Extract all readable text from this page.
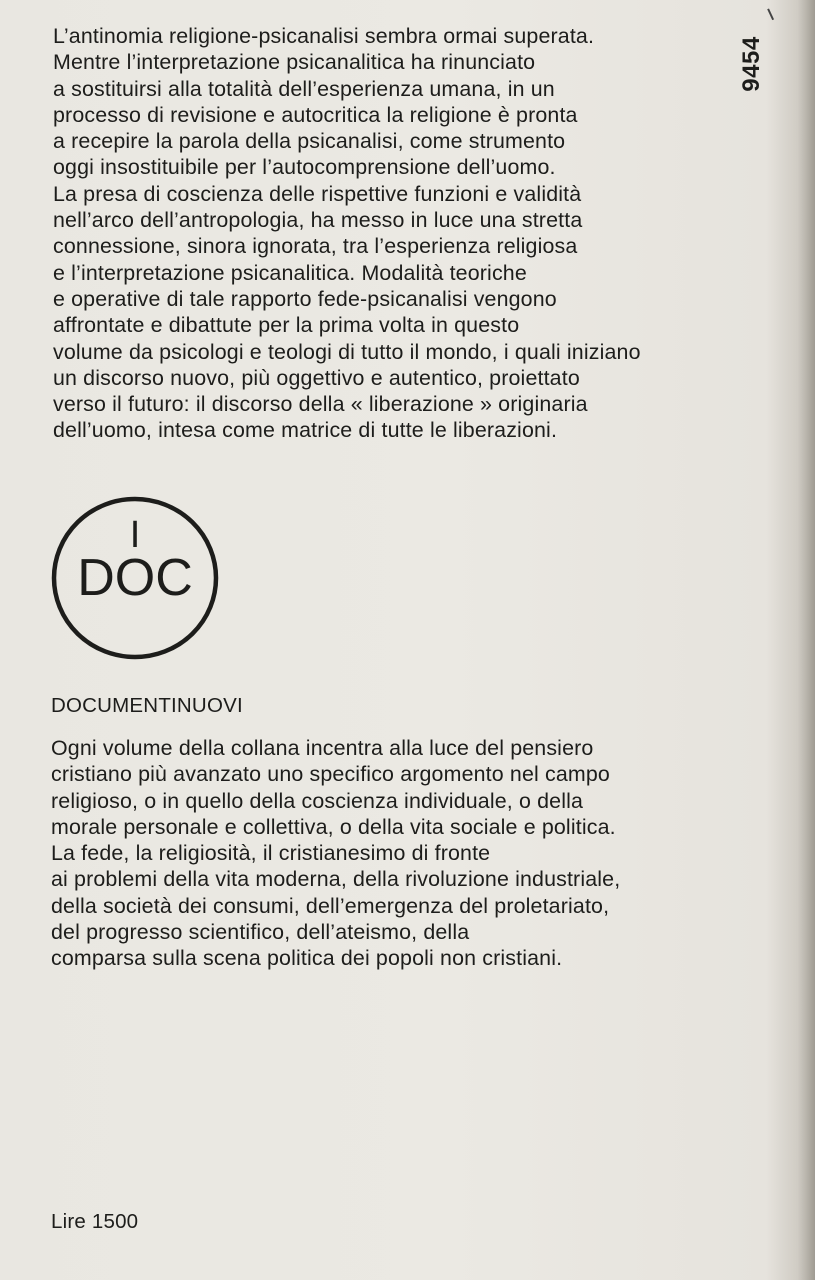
9454

L’antinomia religione-psicanalisi sembra ormai superata.
Mentre l’interpretazione psicanalitica ha rinunciato
a sostituirsi alla totalità dell’esperienza umana, in un
processo di revisione e autocritica la religione è pronta
a recepire la parola della psicanalisi, come strumento
oggi insostituibile per l’autocomprensione dell’uomo.
La presa di coscienza delle rispettive funzioni e validità
nell’arco dell’antropologia, ha messo in luce una stretta
connessione, sinora ignorata, tra l’esperienza religiosa
e l’interpretazione psicanalitica. Modalità teoriche
e operative di tale rapporto fede-psicanalisi vengono
affrontate e dibattute per la prima volta in questo
volume da psicologi e teologi di tutto il mondo, i quali iniziano
un discorso nuovo, più oggettivo e autentico, proiettato
verso il futuro: il discorso della « liberazione » originaria
dell’uomo, intesa come matrice di tutte le liberazioni.

I
DOC
DOCUMENTINUOVI

Ogni volume della collana incentra alla luce del pensiero
cristiano più avanzato uno specifico argomento nel campo
religioso, o in quello della coscienza individuale, o della
morale personale e collettiva, o della vita sociale e politica.
La fede, la religiosità, il cristianesimo di fronte
ai problemi della vita moderna, della rivoluzione industriale,
della società dei consumi, dell’emergenza del proletariato,
del progresso scientifico, dell’ateismo, della
comparsa sulla scena politica dei popoli non cristiani.

Lire 1500
